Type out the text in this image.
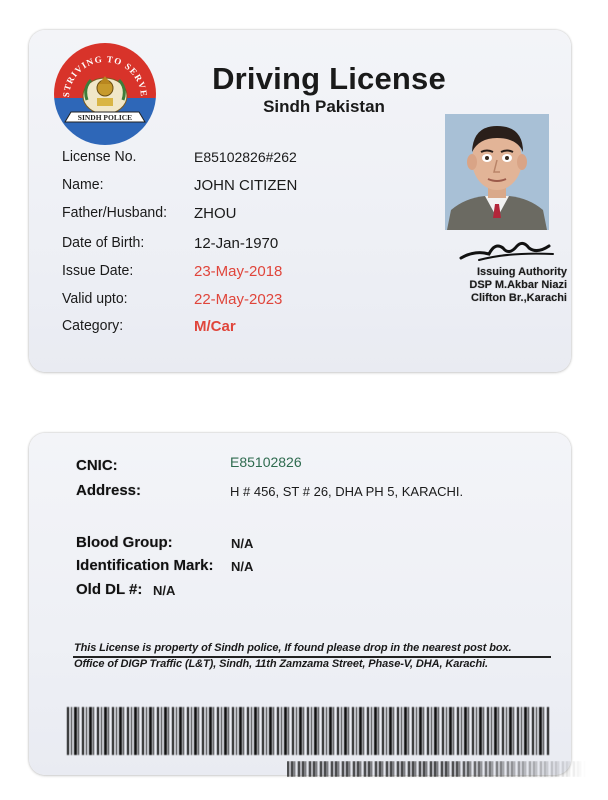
STRIVING TO SERVE
SINDH POLICE
Driving License
Sindh Pakistan
License No.	E85102826#262
Name:	JOHN CITIZEN
Father/Husband: ZHOU
Date of Birth:	12-Jan-1970
Issue Date:	23-May-2018
Valid upto:	22-May-2023
Category:	M/Car
Issuing Authority
DSP M.Akbar Niazi
Clifton Br.,Karachi
CNIC:	E85102826
Address:	H # 456, ST # 26, DHA PH 5, KARACHI.
Blood Group:	N/A
Identification Mark: N/A
Old DL #: N/A
This License is property of Sindh police, If found please drop in the nearest post box.
Office of DIGP Traffic (L&T), Sindh, 11th Zamzama Street, Phase-V, DHA, Karachi.
